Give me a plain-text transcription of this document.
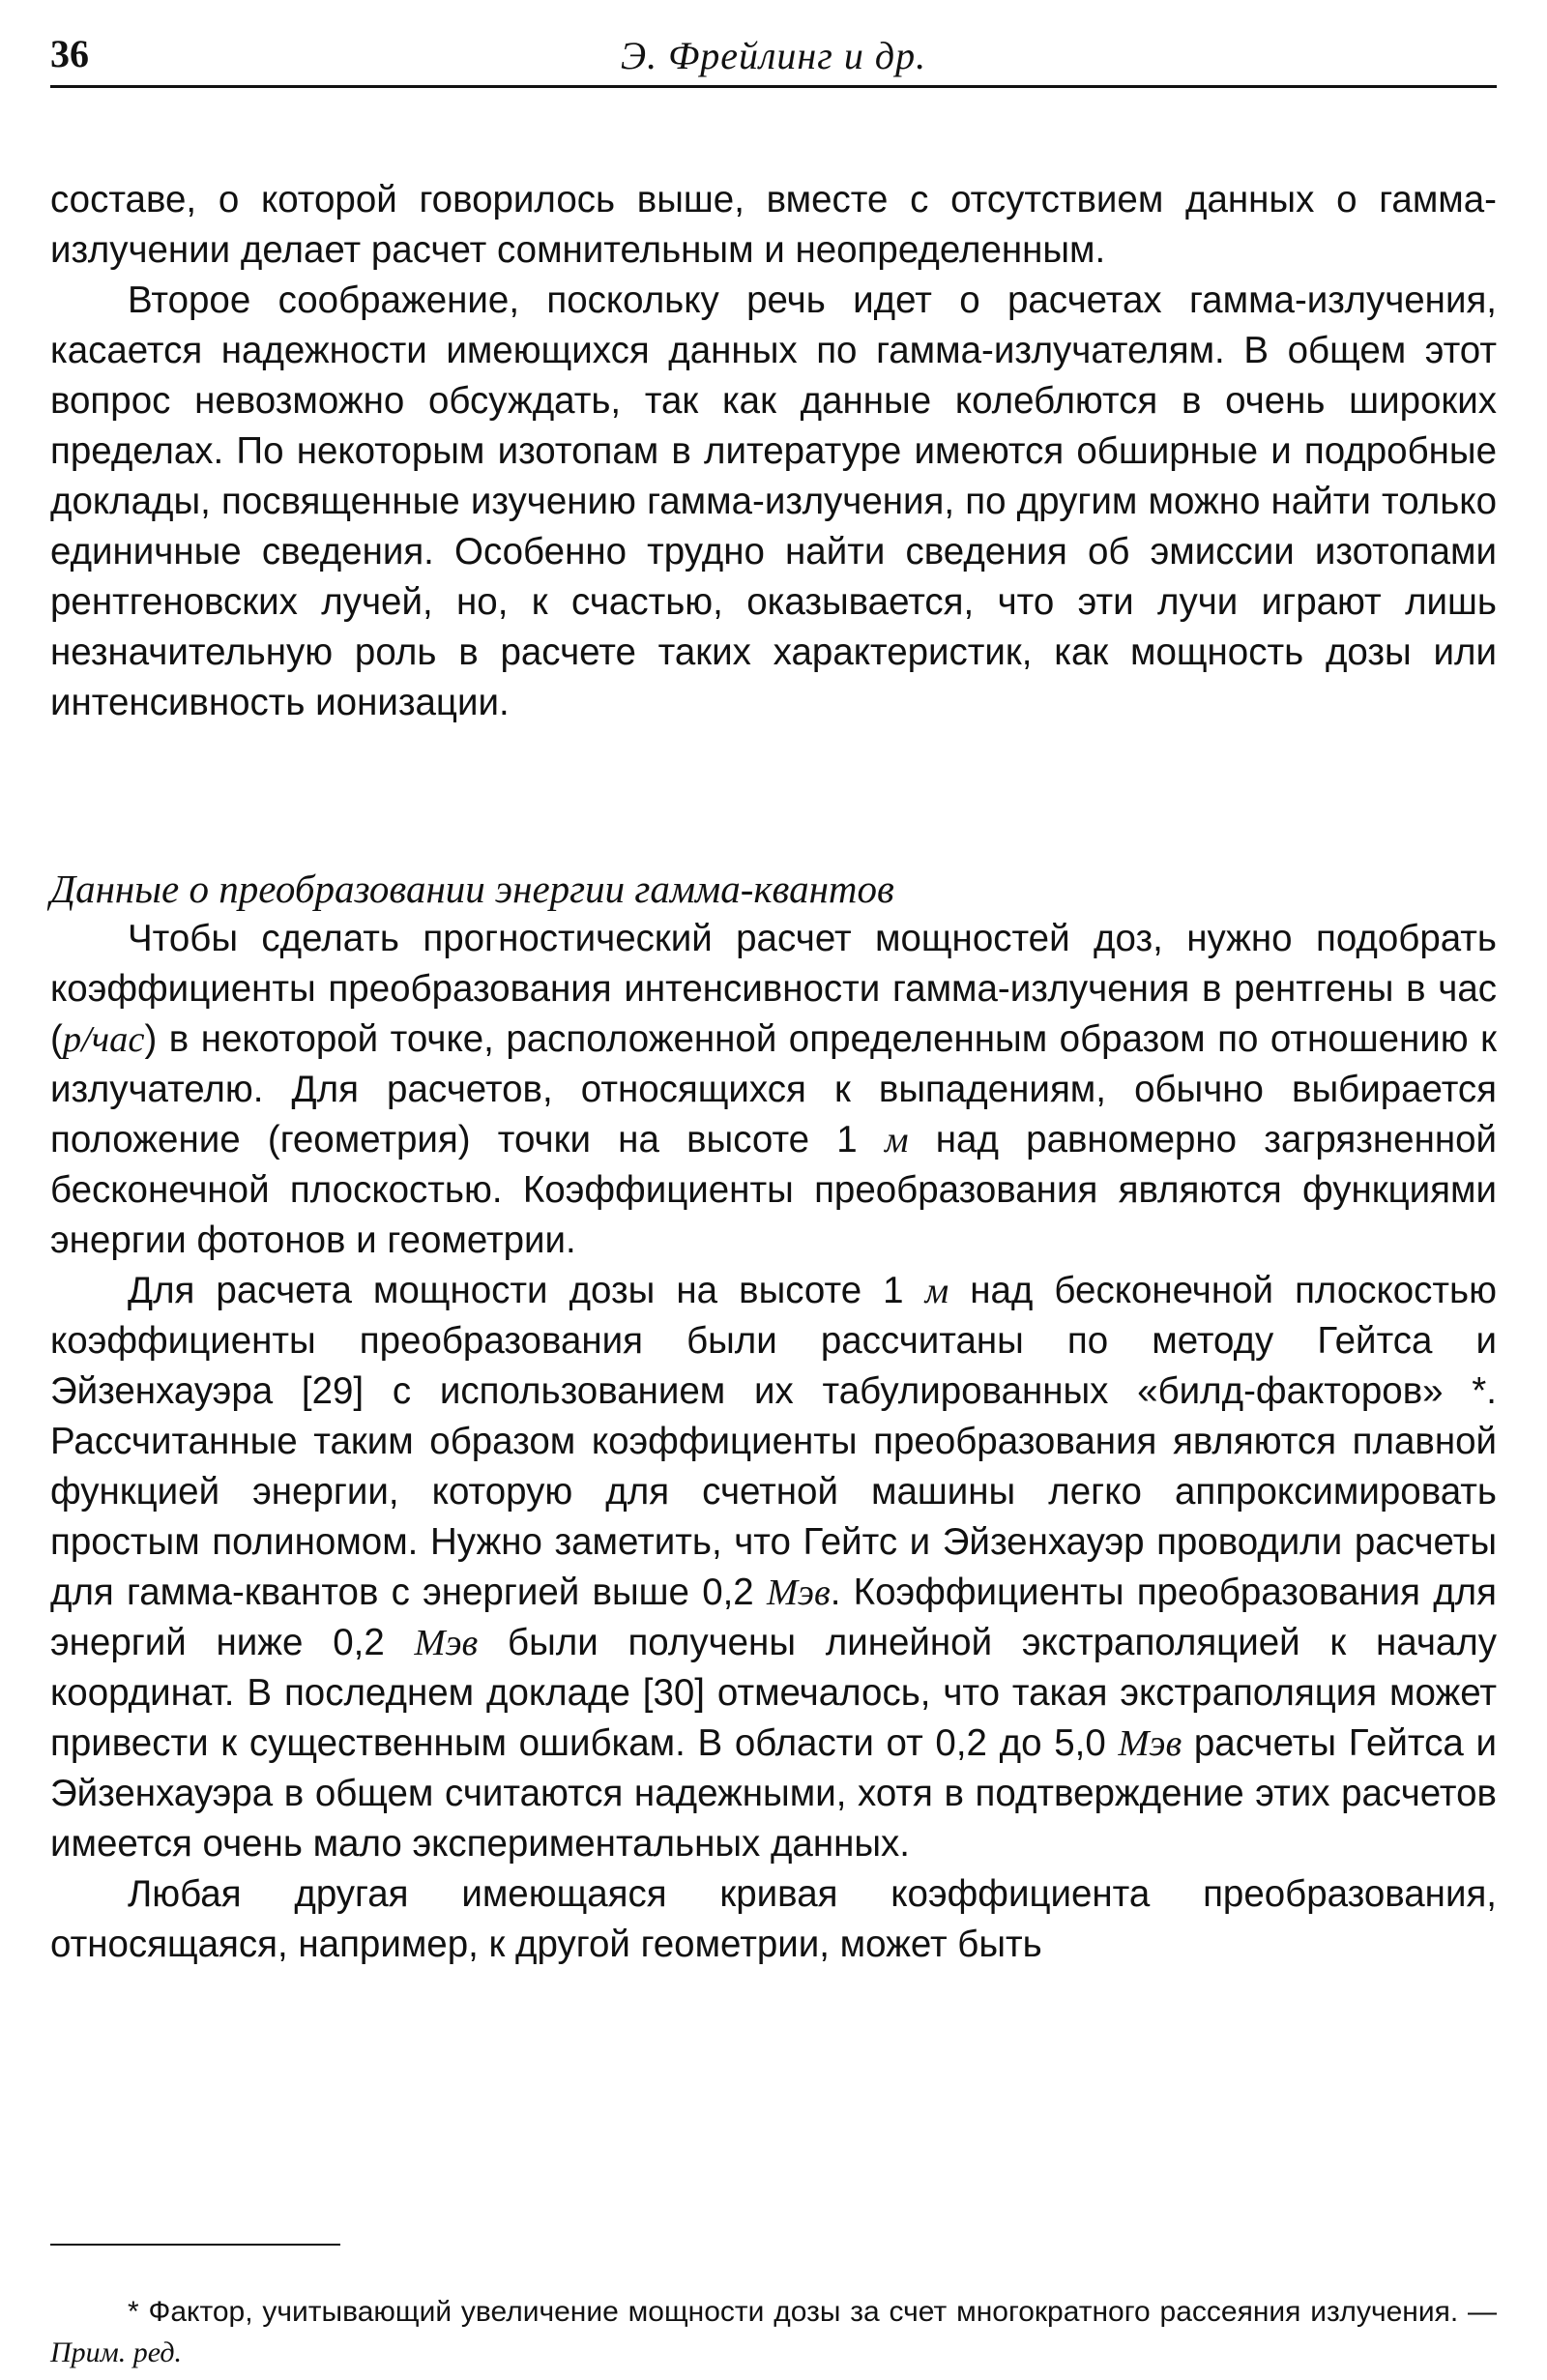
36	Э. Фрейлинг и др.

составе, о которой говорилось выше, вместе с отсутствием данных о гамма-излучении делает расчет сомнительным и неопределенным.

Второе соображение, поскольку речь идет о расчетах гамма-излучения, касается надежности имеющихся данных по гамма-излучателям. В общем этот вопрос невозможно обсуждать, так как данные колеблются в очень широких пределах. По некоторым изотопам в литературе имеются обширные и подробные доклады, посвященные изучению гамма-излучения, по другим можно найти только единичные сведения. Особенно трудно найти сведения об эмиссии изотопами рентгеновских лучей, но, к счастью, оказывается, что эти лучи играют лишь незначительную роль в расчете таких характеристик, как мощность дозы или интенсивность ионизации.

Данные о преобразовании энергии гамма-квантов

Чтобы сделать прогностический расчет мощностей доз, нужно подобрать коэффициенты преобразования интенсивности гамма-излучения в рентгены в час (р/час) в некоторой точке, расположенной определенным образом по отношению к излучателю. Для расчетов, относящихся к выпадениям, обычно выбирается положение (геометрия) точки на высоте 1 м над равномерно загрязненной бесконечной плоскостью. Коэффициенты преобразования являются функциями энергии фотонов и геометрии.

Для расчета мощности дозы на высоте 1 м над бесконечной плоскостью коэффициенты преобразования были рассчитаны по методу Гейтса и Эйзенхауэра [29] с использованием их табулированных «билд-факторов» *. Рассчитанные таким образом коэффициенты преобразования являются плавной функцией энергии, которую для счетной машины легко аппроксимировать простым полиномом. Нужно заметить, что Гейтс и Эйзенхауэр проводили расчеты для гамма-квантов с энергией выше 0,2 Мэв. Коэффициенты преобразования для энергий ниже 0,2 Мэв были получены линейной экстраполяцией к началу координат. В последнем докладе [30] отмечалось, что такая экстраполяция может привести к существенным ошибкам. В области от 0,2 до 5,0 Мэв расчеты Гейтса и Эйзенхауэра в общем считаются надежными, хотя в подтверждение этих расчетов имеется очень мало экспериментальных данных.

Любая другая имеющаяся кривая коэффициента преобразования, относящаяся, например, к другой геометрии, может быть

* Фактор, учитывающий увеличение мощности дозы за счет многократного рассеяния излучения. — Прим. ред.
